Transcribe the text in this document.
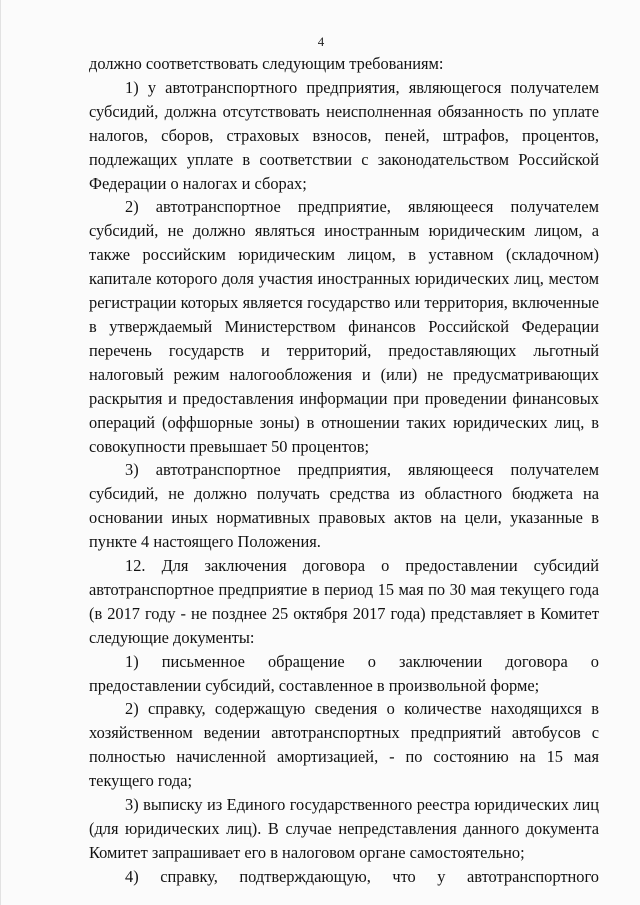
4

должно соответствовать следующим требованиям:

1) у автотранспортного предприятия, являющегося получателем субсидий, должна отсутствовать неисполненная обязанность по уплате налогов, сборов, страховых взносов, пеней, штрафов, процентов, подлежащих уплате в соответствии с законодательством Российской Федерации о налогах и сборах;

2) автотранспортное предприятие, являющееся получателем субсидий, не должно являться иностранным юридическим лицом, а также российским юридическим лицом, в уставном (складочном) капитале которого доля участия иностранных юридических лиц, местом регистрации которых является государство или территория, включенные в утверждаемый Министерством финансов Российской Федерации перечень государств и территорий, предоставляющих льготный налоговый режим налогообложения и (или) не предусматривающих раскрытия и предоставления информации при проведении финансовых операций (оффшорные зоны) в отношении таких юридических лиц, в совокупности превышает 50 процентов;

3) автотранспортное предприятия, являющееся получателем субсидий, не должно получать средства из областного бюджета на основании иных нормативных правовых актов на цели, указанные в пункте 4 настоящего Положения.

12. Для заключения договора о предоставлении субсидий автотранспортное предприятие в период 15 мая по 30 мая текущего года (в 2017 году - не позднее 25 октября 2017 года) представляет в Комитет следующие документы:

1) письменное обращение о заключении договора о предоставлении субсидий, составленное в произвольной форме;

2) справку, содержащую сведения о количестве находящихся в хозяйственном ведении автотранспортных предприятий автобусов с полностью начисленной амортизацией, - по состоянию на 15 мая текущего года;

3) выписку из Единого государственного реестра юридических лиц (для юридических лиц). В случае непредставления данного документа Комитет запрашивает его в налоговом органе самостоятельно;

4) справку, подтверждающую, что у автотранспортного
